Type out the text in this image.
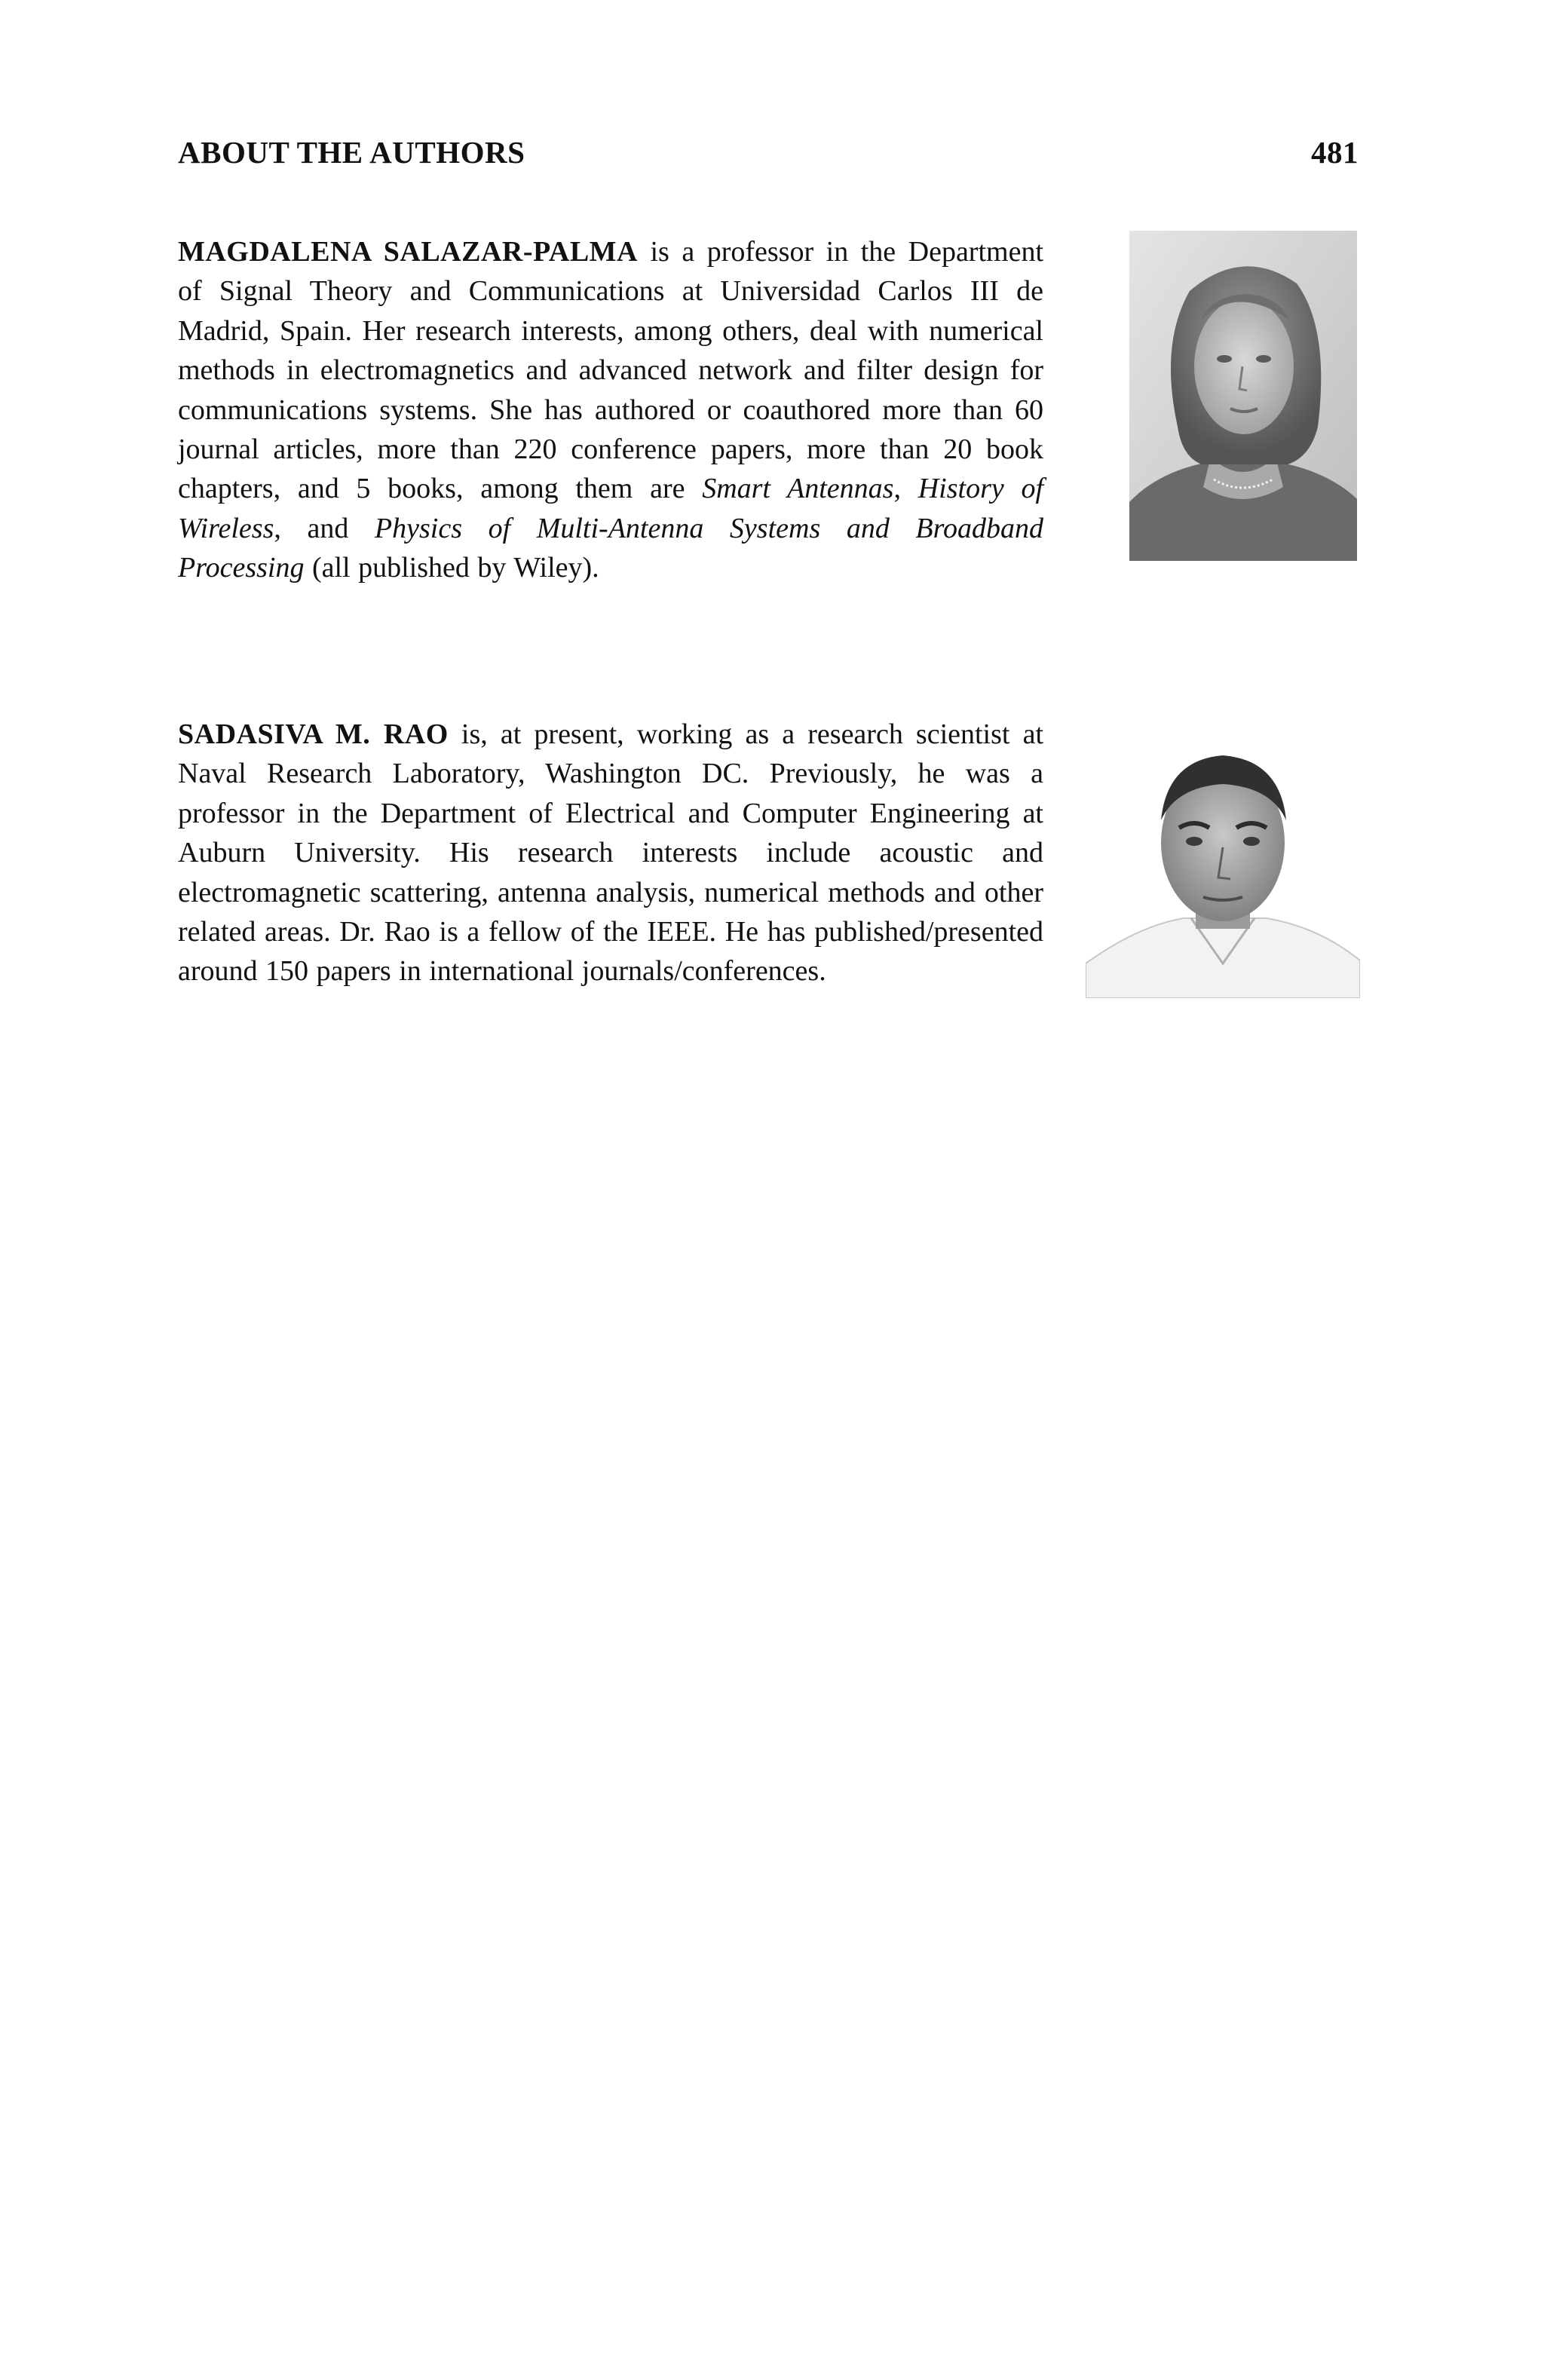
ABOUT THE AUTHORS	481
MAGDALENA SALAZAR-PALMA is a professor in the Department of Signal Theory and Communications at Universidad Carlos III de Madrid, Spain. Her research interests, among others, deal with numerical methods in electromagnetics and advanced network and filter design for communications systems. She has authored or coauthored more than 60 journal articles, more than 220 conference papers, more than 20 book chapters, and 5 books, among them are Smart Antennas, History of Wireless, and Physics of Multi-Antenna Systems and Broadband Processing (all published by Wiley).
SADASIVA M. RAO is, at present, working as a research scientist at Naval Research Laboratory, Washington DC. Previously, he was a professor in the Department of Electrical and Computer Engineering at Auburn University. His research interests include acoustic and electromagnetic scattering, antenna analysis, numerical methods and other related areas. Dr. Rao is a fellow of the IEEE. He has published/presented around 150 papers in international journals/conferences.
